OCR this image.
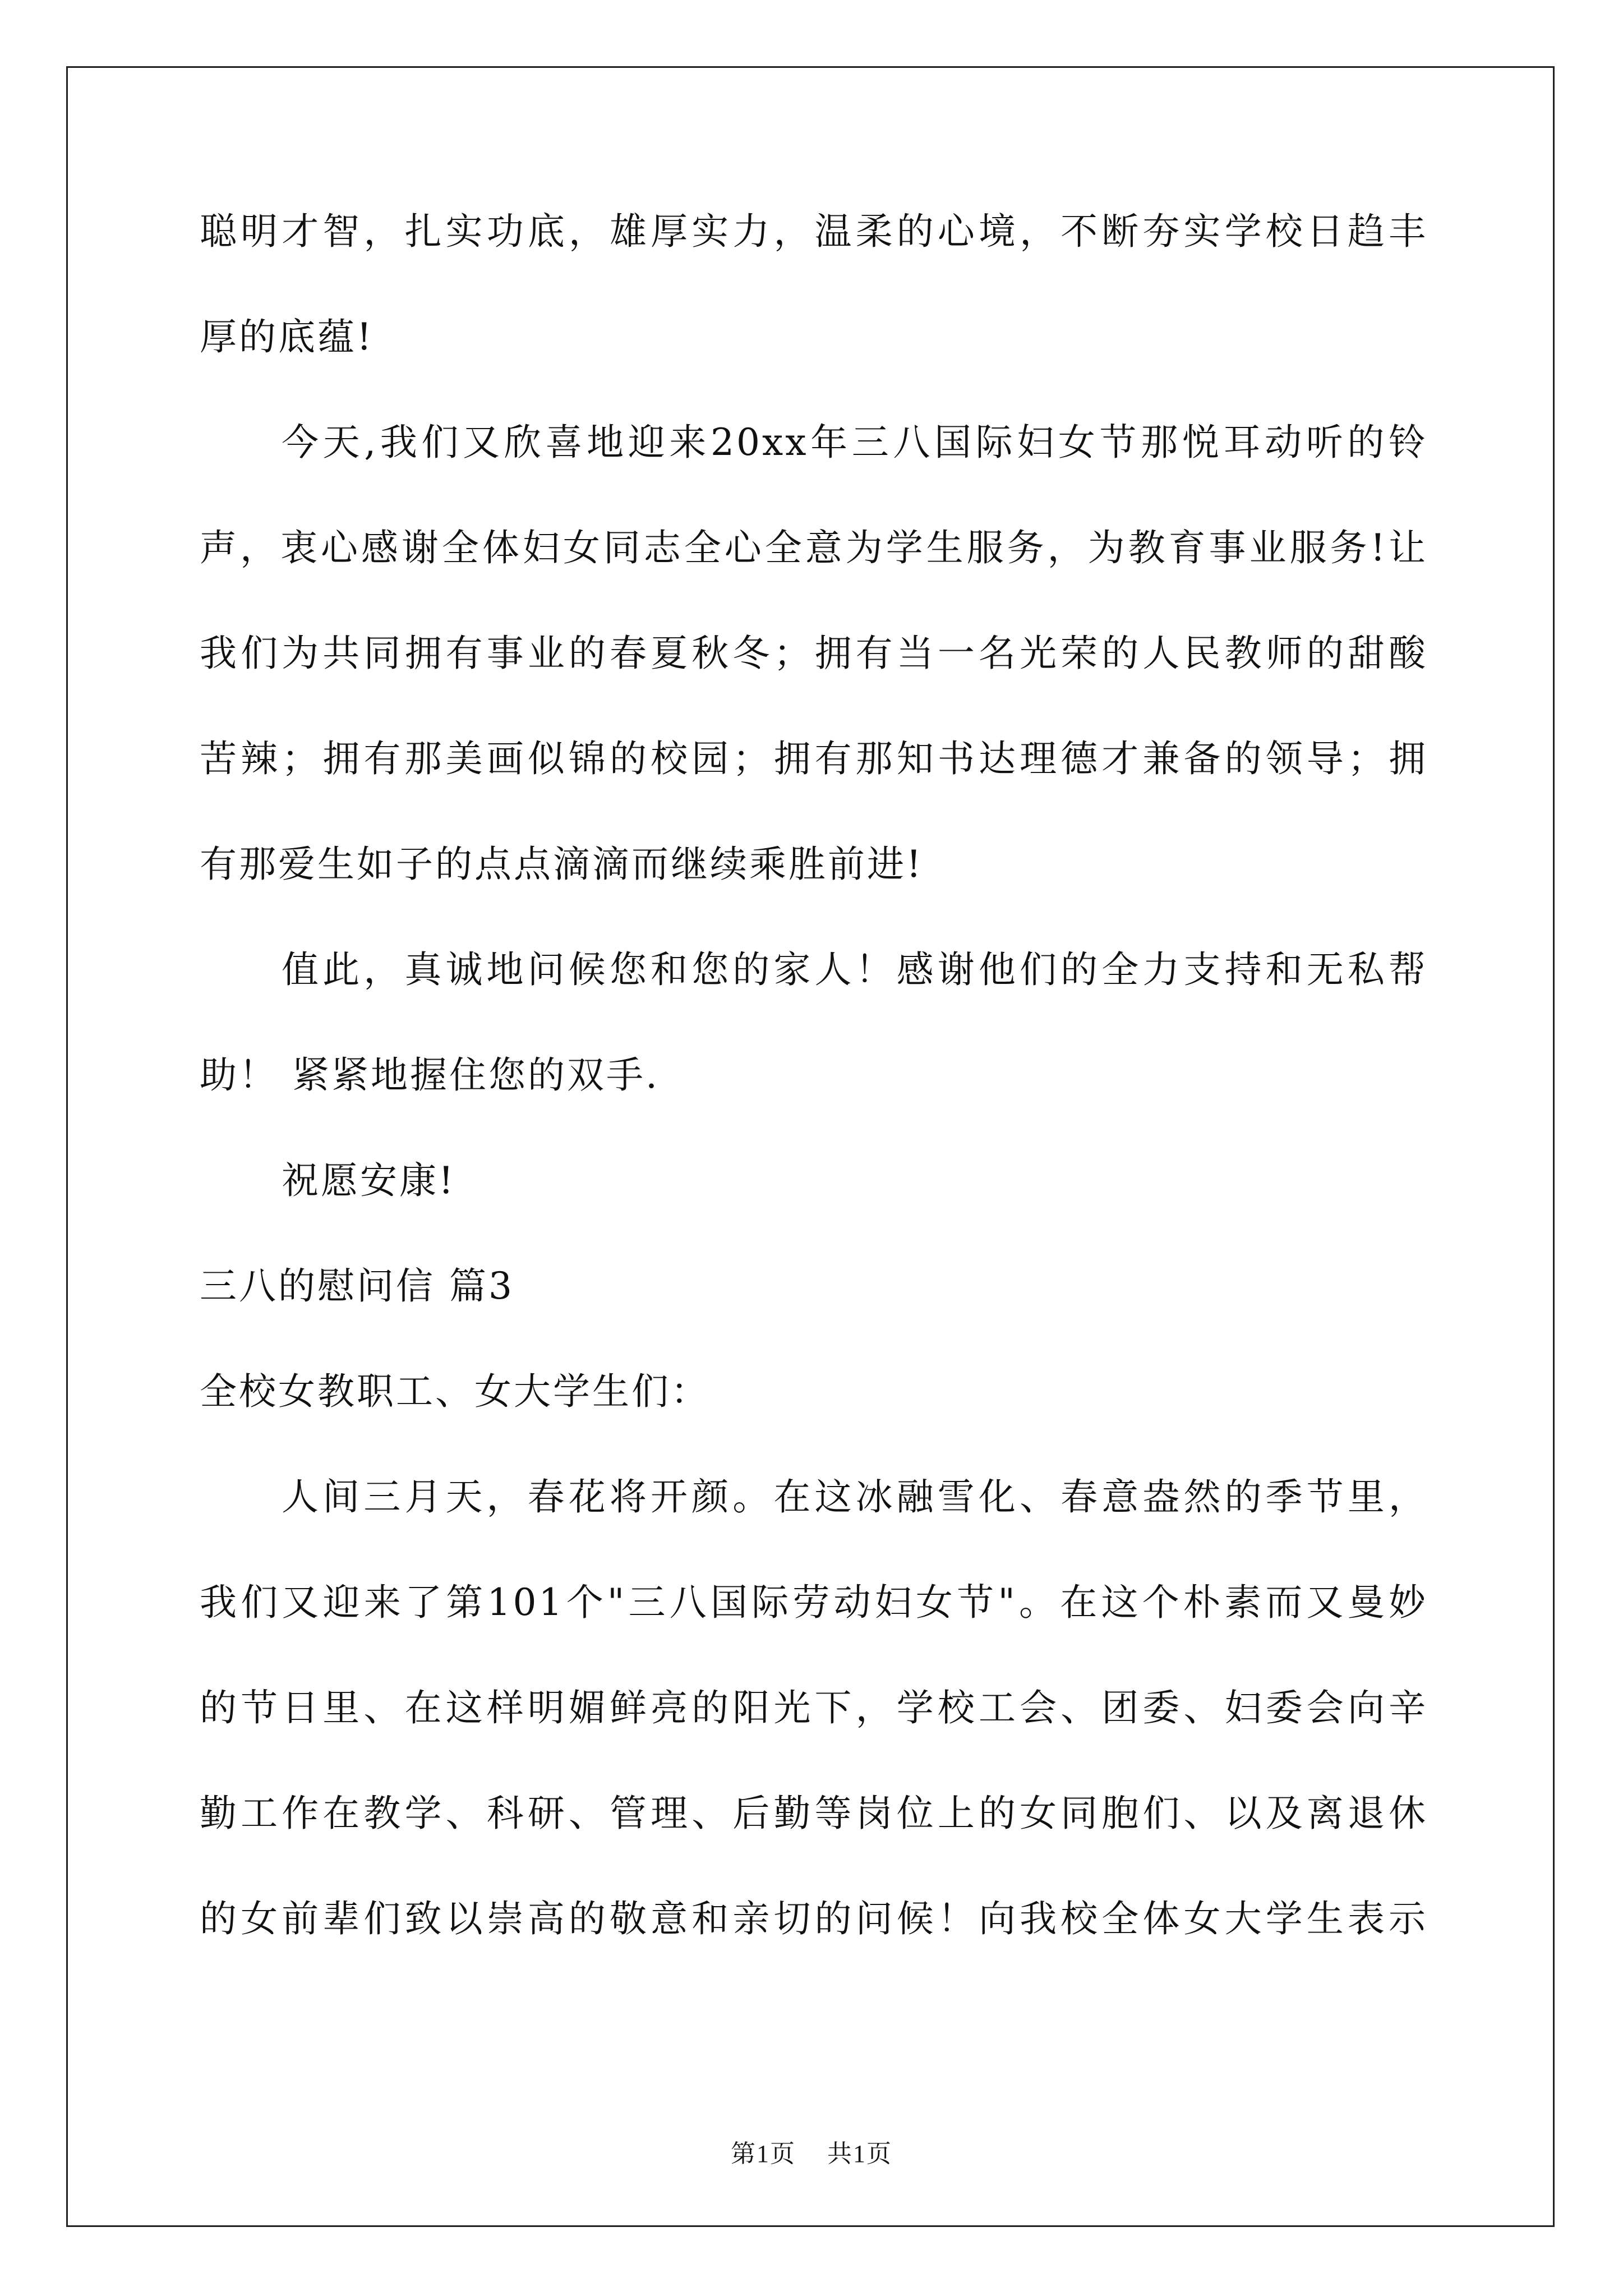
聪明才智，扎实功底，雄厚实力，温柔的心境，不断夯实学校日趋丰
厚的底蕴!
今天,我们又欣喜地迎来20xx年三八国际妇女节那悦耳动听的铃
声，衷心感谢全体妇女同志全心全意为学生服务，为教育事业服务!让
我们为共同拥有事业的春夏秋冬；拥有当一名光荣的人民教师的甜酸
苦辣；拥有那美画似锦的校园；拥有那知书达理德才兼备的领导；拥
有那爱生如子的点点滴滴而继续乘胜前进!
值此，真诚地问候您和您的家人！感谢他们的全力支持和无私帮
助！ 紧紧地握住您的双手.
祝愿安康!
三八的慰问信 篇3
全校女教职工、女大学生们：
人间三月天，春花将开颜。在这冰融雪化、春意盎然的季节里，
我们又迎来了第101个"三八国际劳动妇女节"。在这个朴素而又曼妙
的节日里、在这样明媚鲜亮的阳光下，学校工会、团委、妇委会向辛
勤工作在教学、科研、管理、后勤等岗位上的女同胞们、以及离退休
的女前辈们致以崇高的敬意和亲切的问候！向我校全体女大学生表示
第1页 共1页
